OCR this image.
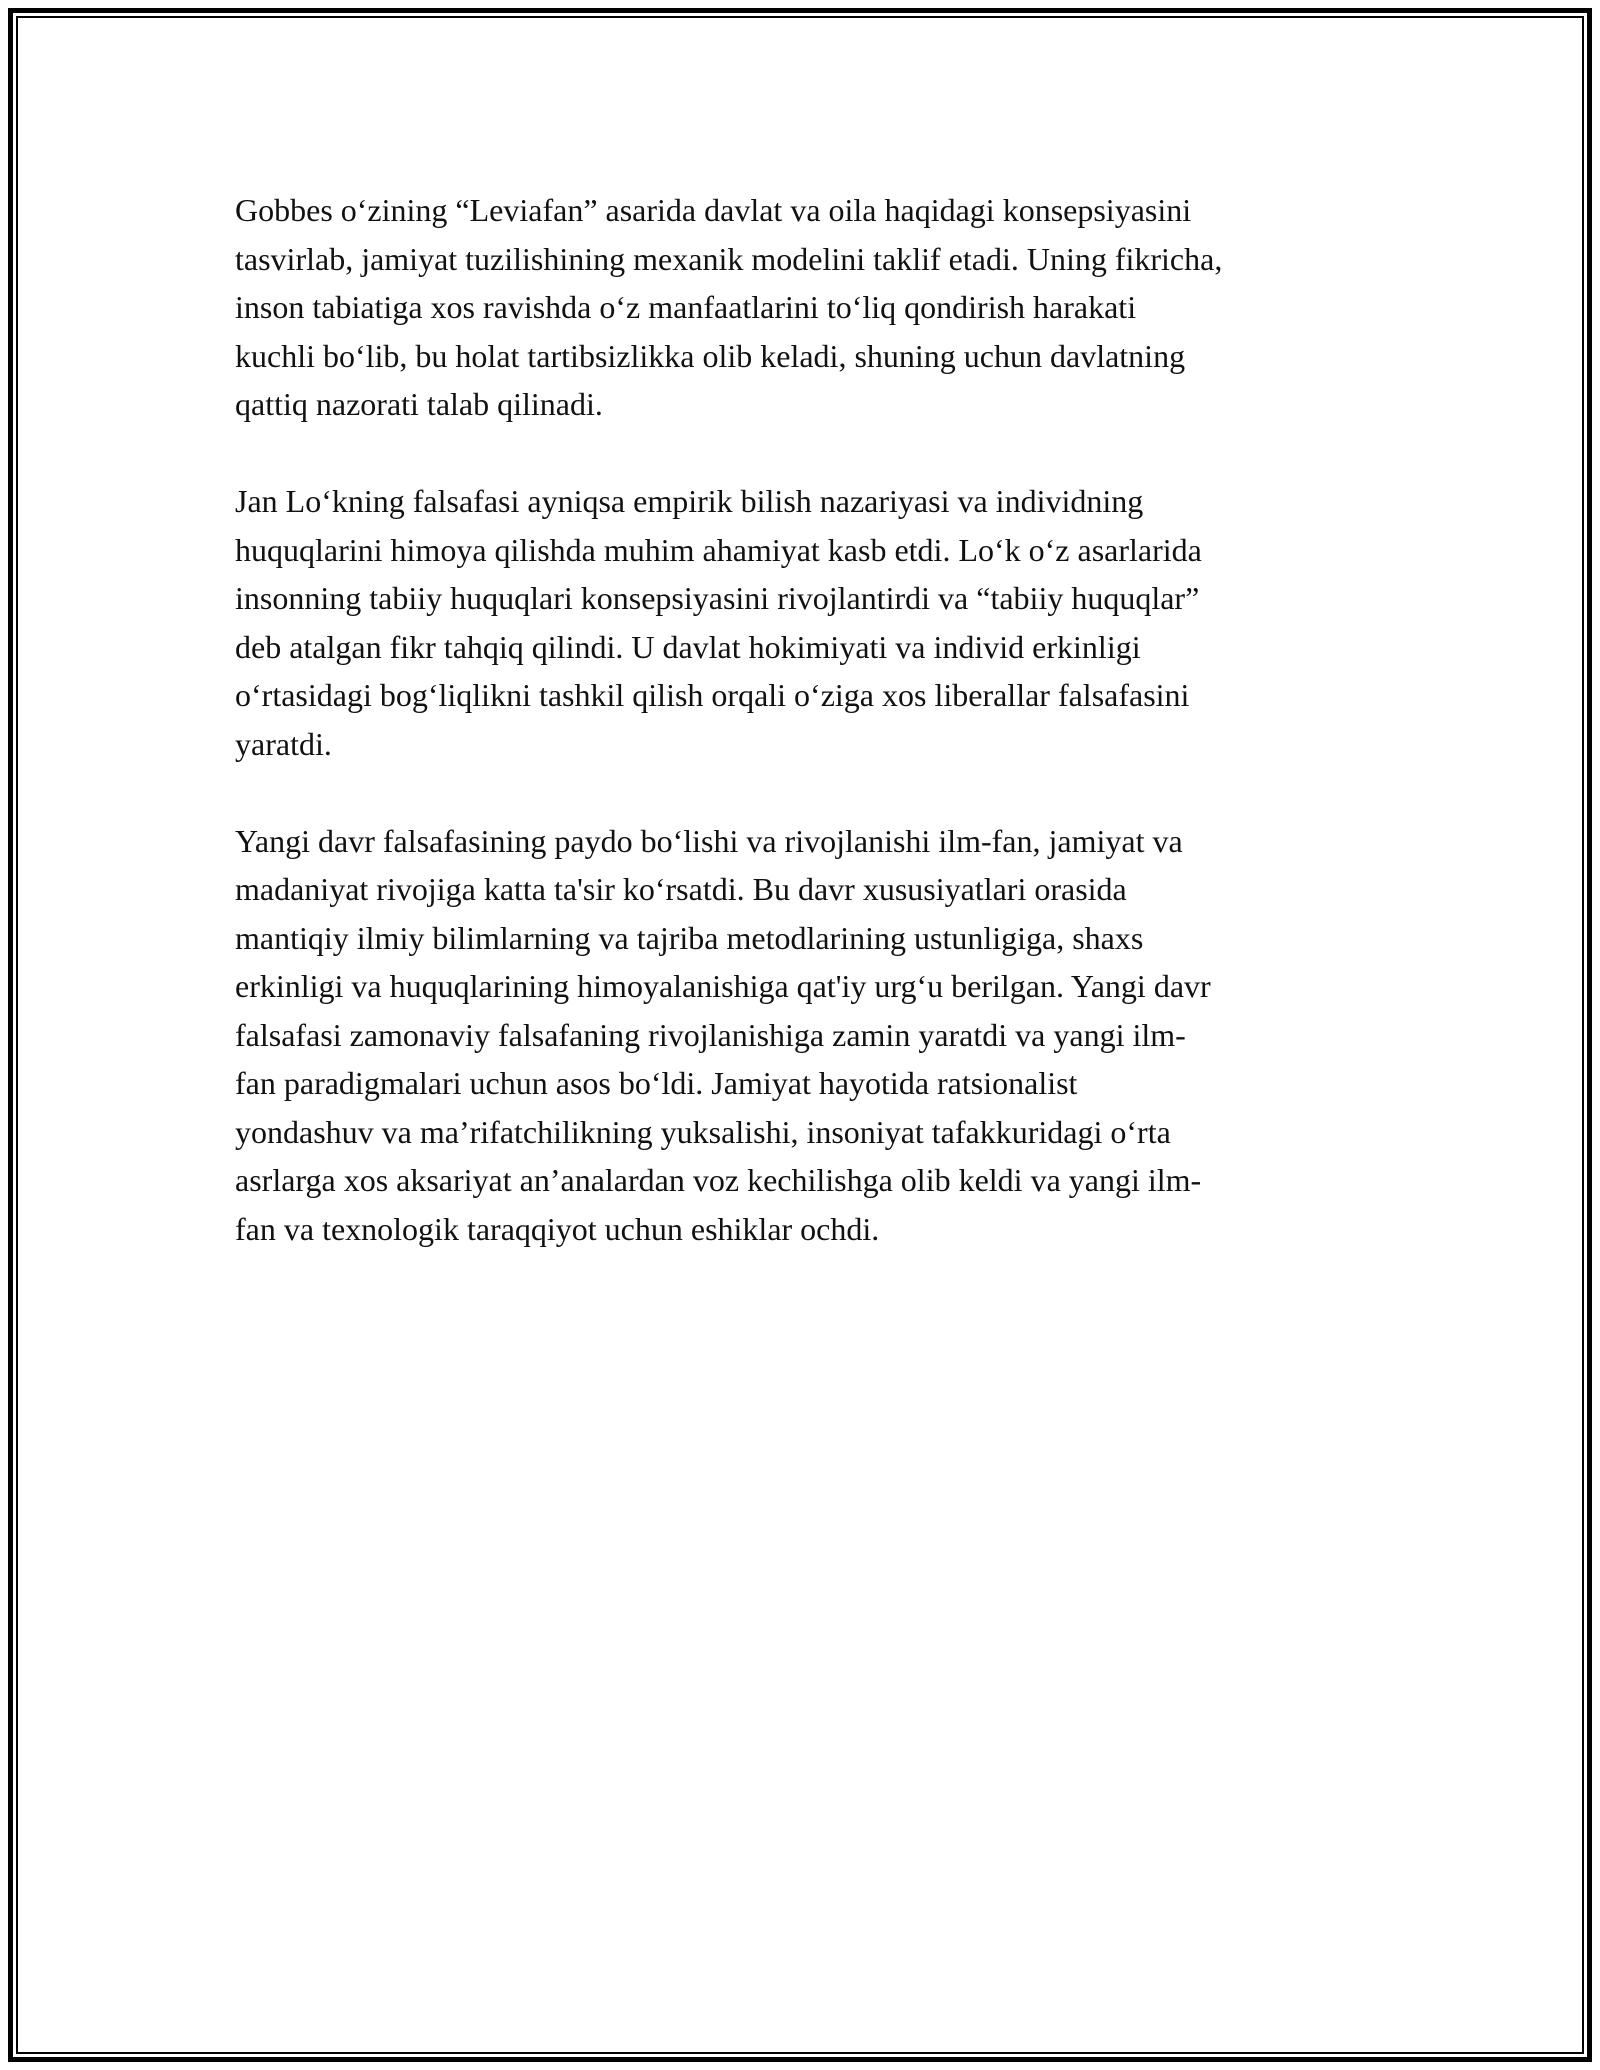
Gobbes o‘zining “Leviafan” asarida davlat va oila haqidagi konsepsiyasini
tasvirlab, jamiyat tuzilishining mexanik modelini taklif etadi. Uning fikricha,
inson tabiatiga xos ravishda o‘z manfaatlarini to‘liq qondirish harakati
kuchli bo‘lib, bu holat tartibsizlikka olib keladi, shuning uchun davlatning
qattiq nazorati talab qilinadi.

Jan Lo‘kning falsafasi ayniqsa empirik bilish nazariyasi va individning
huquqlarini himoya qilishda muhim ahamiyat kasb etdi. Lo‘k o‘z asarlarida
insonning tabiiy huquqlari konsepsiyasini rivojlantirdi va “tabiiy huquqlar”
deb atalgan fikr tahqiq qilindi. U davlat hokimiyati va individ erkinligi
o‘rtasidagi bog‘liqlikni tashkil qilish orqali o‘ziga xos liberallar falsafasini
yaratdi.

Yangi davr falsafasining paydo bo‘lishi va rivojlanishi ilm-fan, jamiyat va
madaniyat rivojiga katta ta'sir ko‘rsatdi. Bu davr xususiyatlari orasida
mantiqiy ilmiy bilimlarning va tajriba metodlarining ustunligiga, shaxs
erkinligi va huquqlarining himoyalanishiga qat'iy urg‘u berilgan. Yangi davr
falsafasi zamonaviy falsafaning rivojlanishiga zamin yaratdi va yangi ilm-
fan paradigmalari uchun asos bo‘ldi. Jamiyat hayotida ratsionalist
yondashuv va ma’rifatchilikning yuksalishi, insoniyat tafakkuridagi o‘rta
asrlarga xos aksariyat an’analardan voz kechilishga olib keldi va yangi ilm-
fan va texnologik taraqqiyot uchun eshiklar ochdi.
